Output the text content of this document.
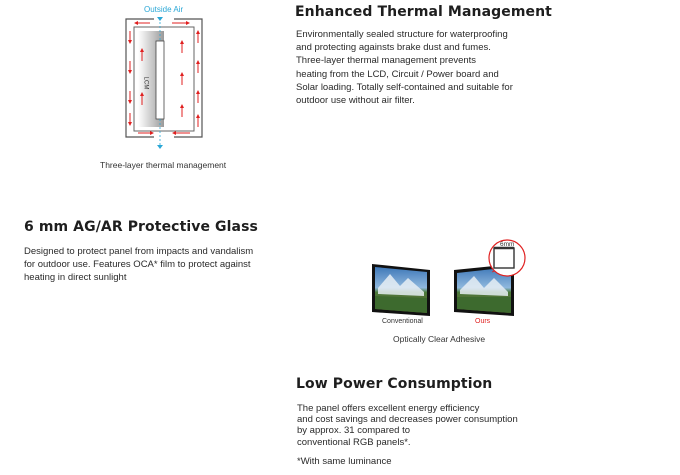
Outside Air
LCM
Three-layer thermal management
Enhanced Thermal Management
Environmentally sealed structure for waterproofing
and protecting againsts brake dust and fumes.
Three-layer thermal management prevents
heating from the LCD, Circuit / Power board and
Solar loading. Totally self-contained and suitable for
outdoor use without air filter.
6 mm AG/AR Protective Glass
Designed to protect panel from impacts and vandalism
for outdoor use. Features OCA* film to protect against
heating in direct sunlight
6mm
Conventional	Ours
Optically Clear Adhesive
Low Power Consumption
The panel offers excellent energy efficiency
and cost savings and decreases power consumption
by approx. 31 compared to
conventional RGB panels*.
*With same luminance
